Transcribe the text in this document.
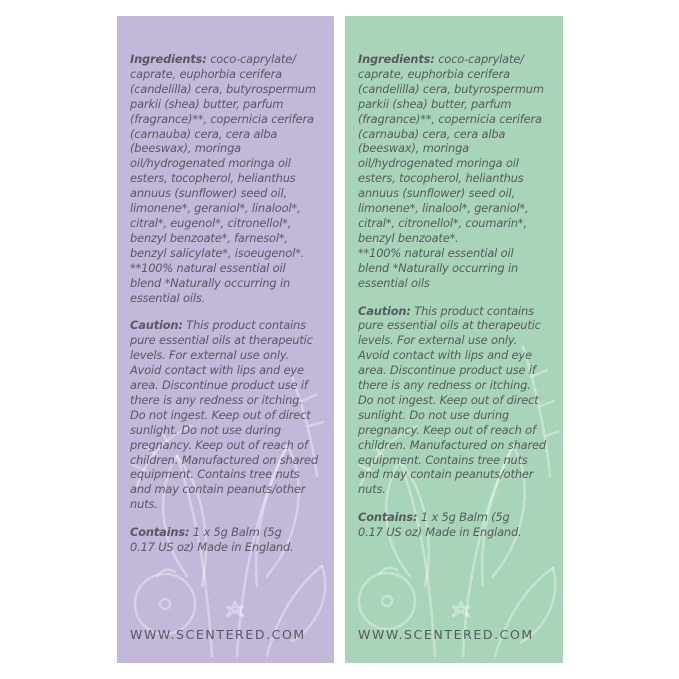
Ingredients: coco-caprylate/
caprate, euphorbia cerifera
(candelilla) cera, butyrospermum
parkii (shea) butter, parfum
(fragrance)**, copernicia cerifera
(carnauba) cera, cera alba
(beeswax), moringa
oil/hydrogenated moringa oil
esters, tocopherol, helianthus
annuus (sunflower) seed oil,
limonene*, geraniol*, linalool*,
citral*, eugenol*, citronellol*,
benzyl benzoate*, farnesol*,
benzyl salicylate*, isoeugenol*.
**100% natural essential oil
blend *Naturally occurring in
essential oils.

Caution: This product contains
pure essential oils at therapeutic
levels. For external use only.
Avoid contact with lips and eye
area. Discontinue product use if
there is any redness or itching.
Do not ingest. Keep out of direct
sunlight. Do not use during
pregnancy. Keep out of reach of
children. Manufactured on shared
equipment. Contains tree nuts
and may contain peanuts/other
nuts.

Contains: 1 x 5g Balm (5g
0.17 US oz) Made in England.

WWW.SCENTERED.COM

Ingredients: coco-caprylate/
caprate, euphorbia cerifera
(candelilla) cera, butyrospermum
parkii (shea) butter, parfum
(fragrance)**, copernicia cerifera
(carnauba) cera, cera alba
(beeswax), moringa
oil/hydrogenated moringa oil
esters, tocopherol, helianthus
annuus (sunflower) seed oil,
limonene*, linalool*, geraniol*,
citral*, citronellol*, coumarin*,
benzyl benzoate*.
**100% natural essential oil
blend *Naturally occurring in
essential oils

Caution: This product contains
pure essential oils at therapeutic
levels. For external use only.
Avoid contact with lips and eye
area. Discontinue product use if
there is any redness or itching.
Do not ingest. Keep out of direct
sunlight. Do not use during
pregnancy. Keep out of reach of
children. Manufactured on shared
equipment. Contains tree nuts
and may contain peanuts/other
nuts.

Contains: 1 x 5g Balm (5g
0.17 US oz) Made in England.

WWW.SCENTERED.COM
